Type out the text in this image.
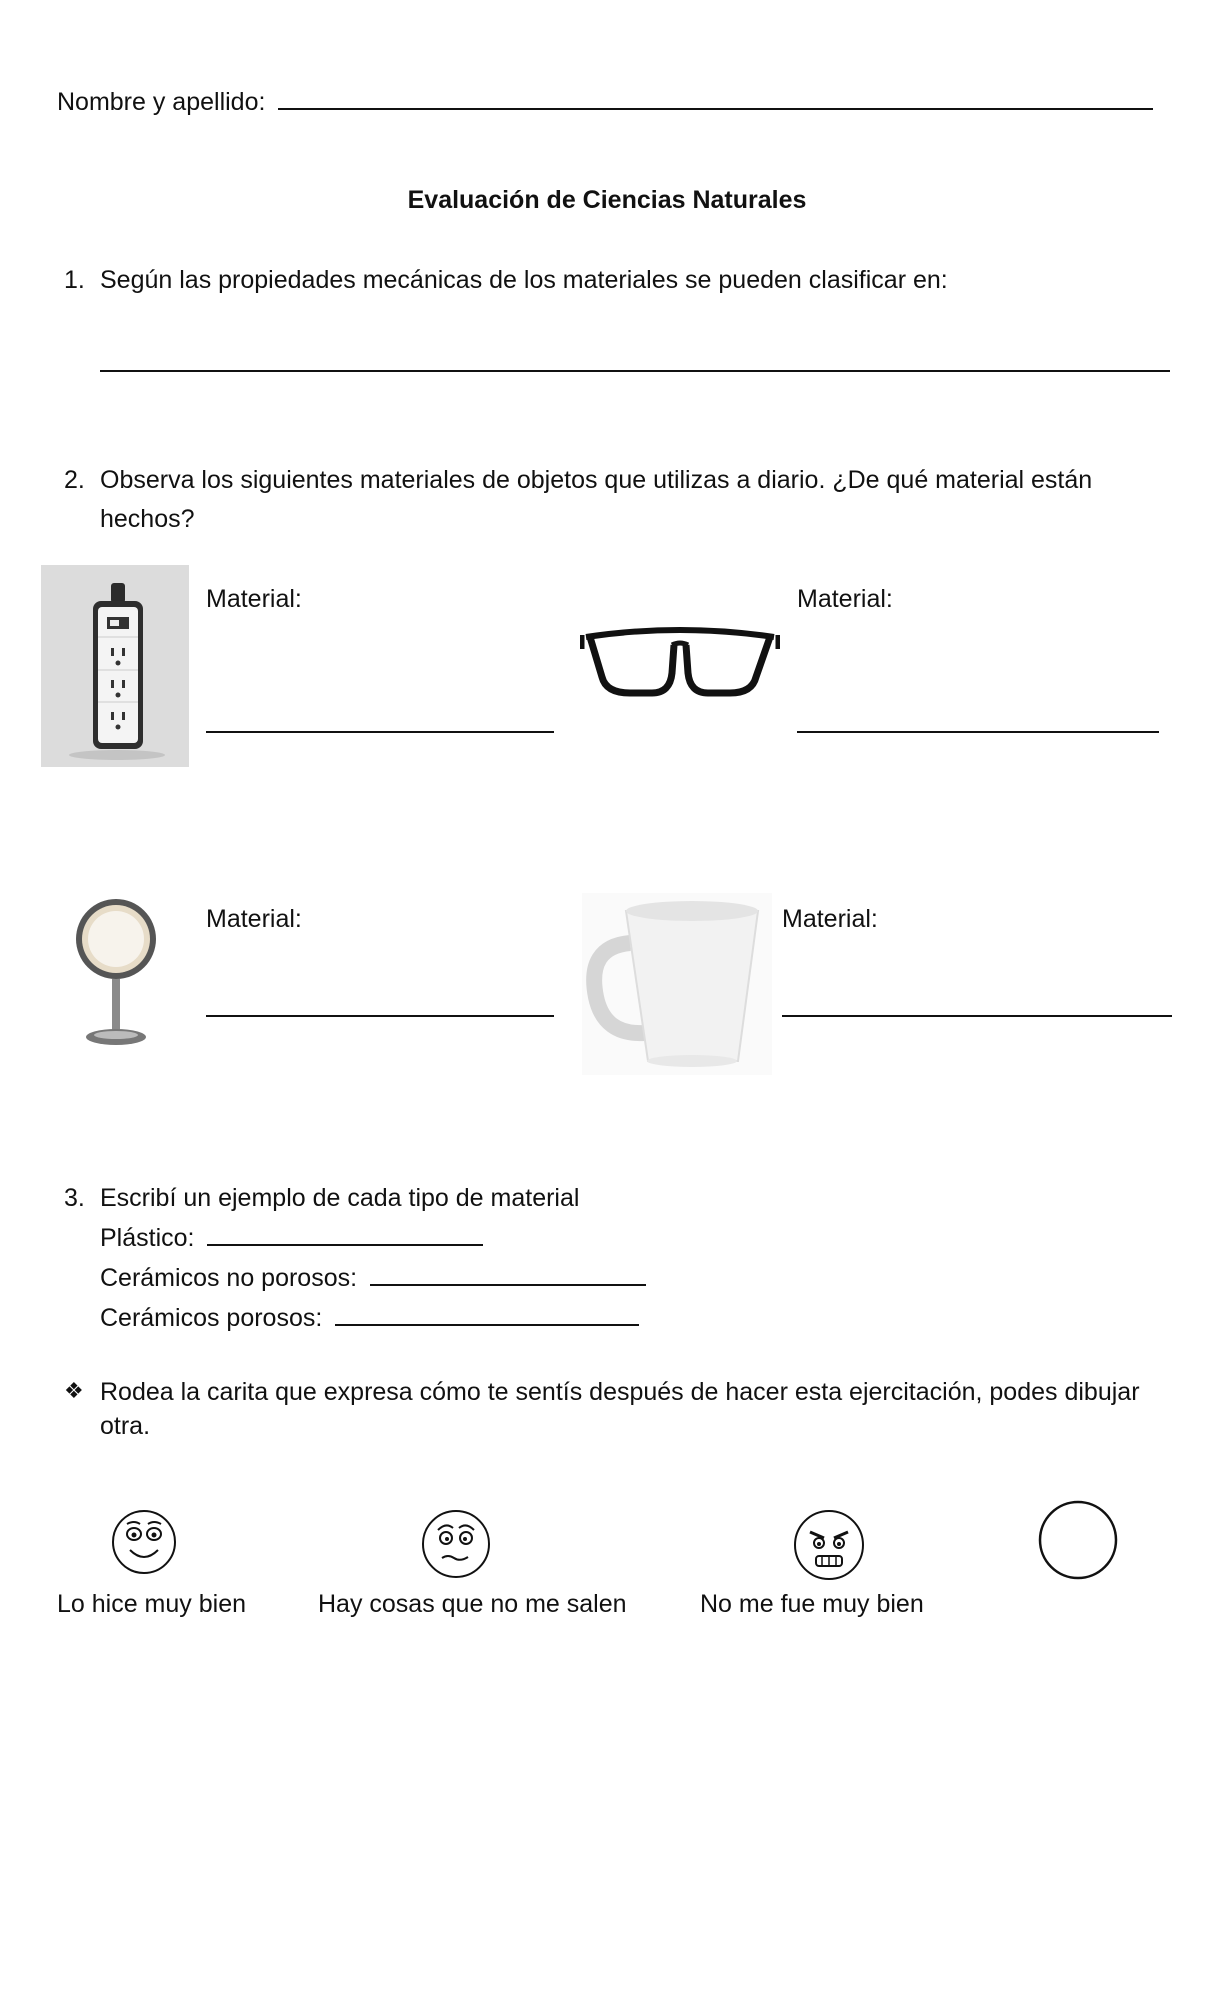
Nombre y apellido:
Evaluación de Ciencias Naturales
1. Según las propiedades mecánicas de los materiales se pueden clasificar en:
2. Observa los siguientes materiales de objetos que utilizas a diario. ¿De qué material están
hechos?
Material:	Material:
Material:	Material:
3. Escribí un ejemplo de cada tipo de material
Plástico:
Cerámicos no porosos:
Cerámicos porosos:
❖ Rodea la carita que expresa cómo te sentís después de hacer esta ejercitación, podes dibujar
otra.
Lo hice muy bien	Hay cosas que no me salen	No me fue muy bien
